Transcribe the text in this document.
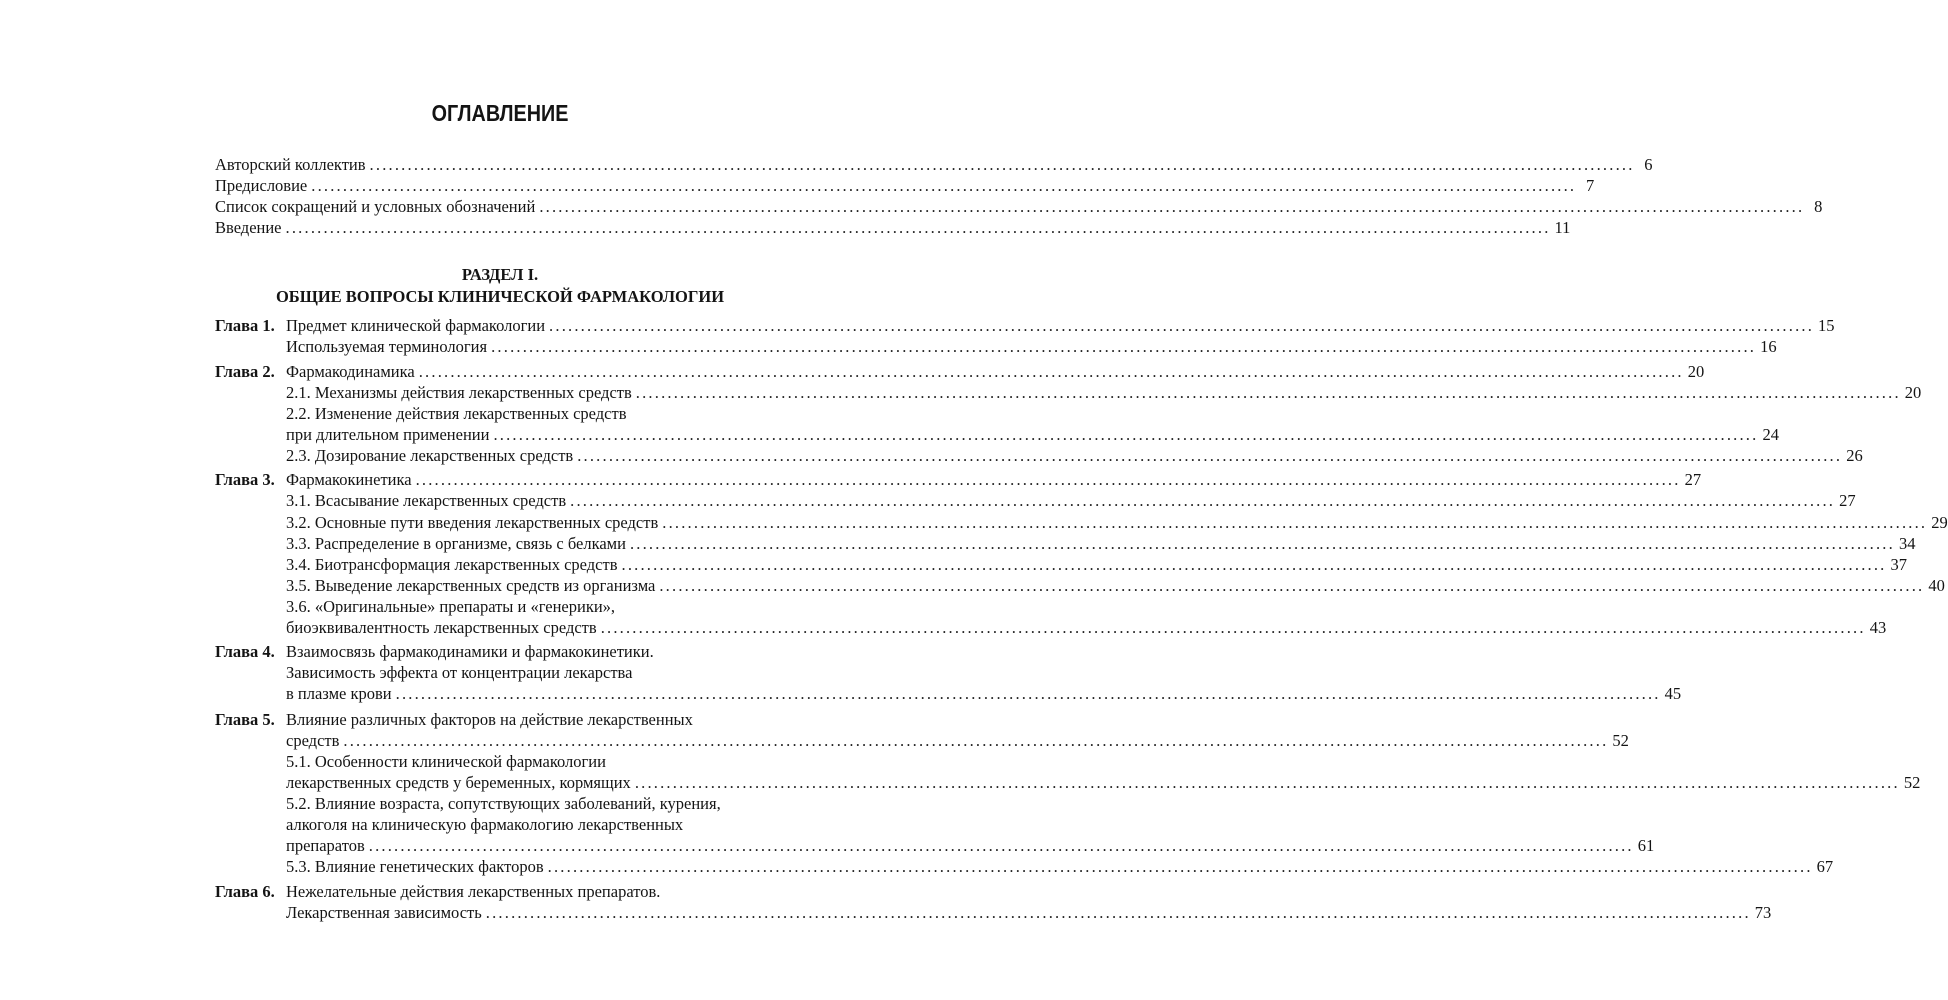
ОГЛАВЛЕНИЕ
Авторский коллектив ........................................................................................................................................................................................................ 6
Предисловие ........................................................................................................................................................................................................ 7
Список сокращений и условных обозначений ........................................................................................................................................................................................................ 8
Введение ........................................................................................................................................................................................................ 11
РАЗДЕЛ I.
ОБЩИЕ ВОПРОСЫ КЛИНИЧЕСКОЙ ФАРМАКОЛОГИИ
Глава 1. Предмет клинической фармакологии ........................................................................................................................................................................................................ 15
Используемая терминология ........................................................................................................................................................................................................ 16
Глава 2. Фармакодинамика ........................................................................................................................................................................................................ 20
2.1. Механизмы действия лекарственных средств ........................................................................................................................................................................................................ 20
2.2. Изменение действия лекарственных средств
при длительном применении ........................................................................................................................................................................................................ 24
2.3. Дозирование лекарственных средств ........................................................................................................................................................................................................ 26
Глава 3. Фармакокинетика ........................................................................................................................................................................................................ 27
3.1. Всасывание лекарственных средств ........................................................................................................................................................................................................ 27
3.2. Основные пути введения лекарственных средств ........................................................................................................................................................................................................ 29
3.3. Распределение в организме, связь с белками ........................................................................................................................................................................................................ 34
3.4. Биотрансформация лекарственных средств ........................................................................................................................................................................................................ 37
3.5. Выведение лекарственных средств из организма ........................................................................................................................................................................................................ 40
3.6. «Оригинальные» препараты и «генерики»,
биоэквивалентность лекарственных средств ........................................................................................................................................................................................................ 43
Глава 4. Взаимосвязь фармакодинамики и фармакокинетики.
Зависимость эффекта от концентрации лекарства
в плазме крови ........................................................................................................................................................................................................ 45
Глава 5. Влияние различных факторов на действие лекарственных
средств ........................................................................................................................................................................................................ 52
5.1. Особенности клинической фармакологии
лекарственных средств у беременных, кормящих ........................................................................................................................................................................................................ 52
5.2. Влияние возраста, сопутствующих заболеваний, курения,
алкоголя на клиническую фармакологию лекарственных
препаратов ........................................................................................................................................................................................................ 61
5.3. Влияние генетических факторов ........................................................................................................................................................................................................ 67
Глава 6. Нежелательные действия лекарственных препаратов.
Лекарственная зависимость ........................................................................................................................................................................................................ 73
